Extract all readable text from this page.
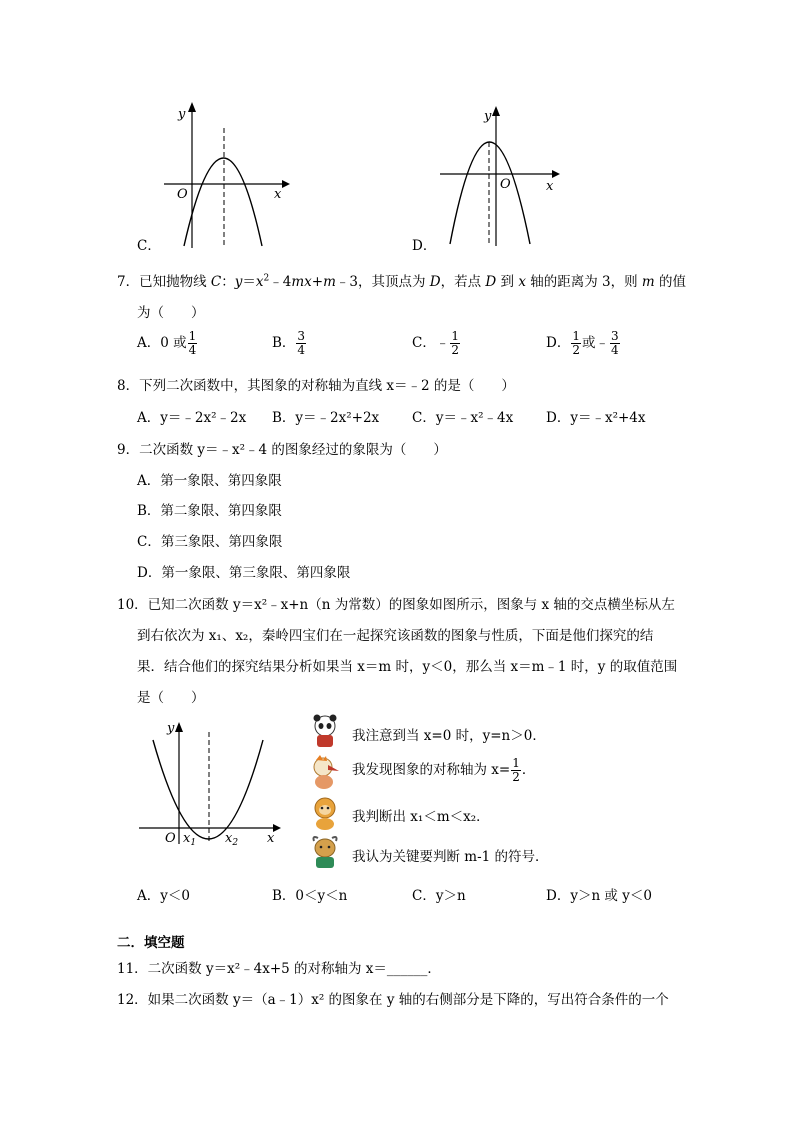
y
x
O
C．
y
x
O
D．
7．已知抛物线 C：$y=x^2﹣4mx+m﹣3$，其顶点为 D，若点 D 到 x 轴的距离为 3，则 m 的值
为（　　）
A．0 或 $\frac{1}{4}$	B． $\frac{3}{4}$	C．﹣ $\frac{1}{2}$	D． $\frac{1}{2}$ 或﹣ $\frac{3}{4}$
8．下列二次函数中，其图象的对称轴为直线 x＝﹣2 的是（　　）
A．y＝﹣2x²﹣2x B．y＝﹣2x²+2x C．y＝﹣x²﹣4x D．y＝﹣x²+4x
9．二次函数 y＝﹣x²﹣4 的图象经过的象限为（　　）
A．第一象限、第四象限
B．第二象限、第四象限
C．第三象限、第四象限
D．第一象限、第三象限、第四象限
10．已知二次函数 y＝x²﹣x+n（n 为常数）的图象如图所示，图象与 x 轴的交点横坐标从左
到右依次为 x₁、x₂，秦岭四宝们在一起探究该函数的图象与性质，下面是他们探究的结
果．结合他们的探究结果分析如果当 x＝m 时，y＜0，那么当 x＝m﹣1 时，y 的取值范围
是（　　）
y
x
O $x_1$ $x_2$
我注意到当 x=0 时，y=n＞0．
我发现图象的对称轴为 $x= \frac{1}{2}$ ．
我判断出 x₁＜m＜x₂．
我认为关键要判断 m-1 的符号．
A．y＜0	B．0＜y＜n	C．y＞n	D．y＞n 或 y＜0
二．填空题
11．二次函数 y＝x²﹣4x+5 的对称轴为 x＝______．
12．如果二次函数 y＝（a﹣1）x² 的图象在 y 轴的右侧部分是下降的，写出符合条件的一个
